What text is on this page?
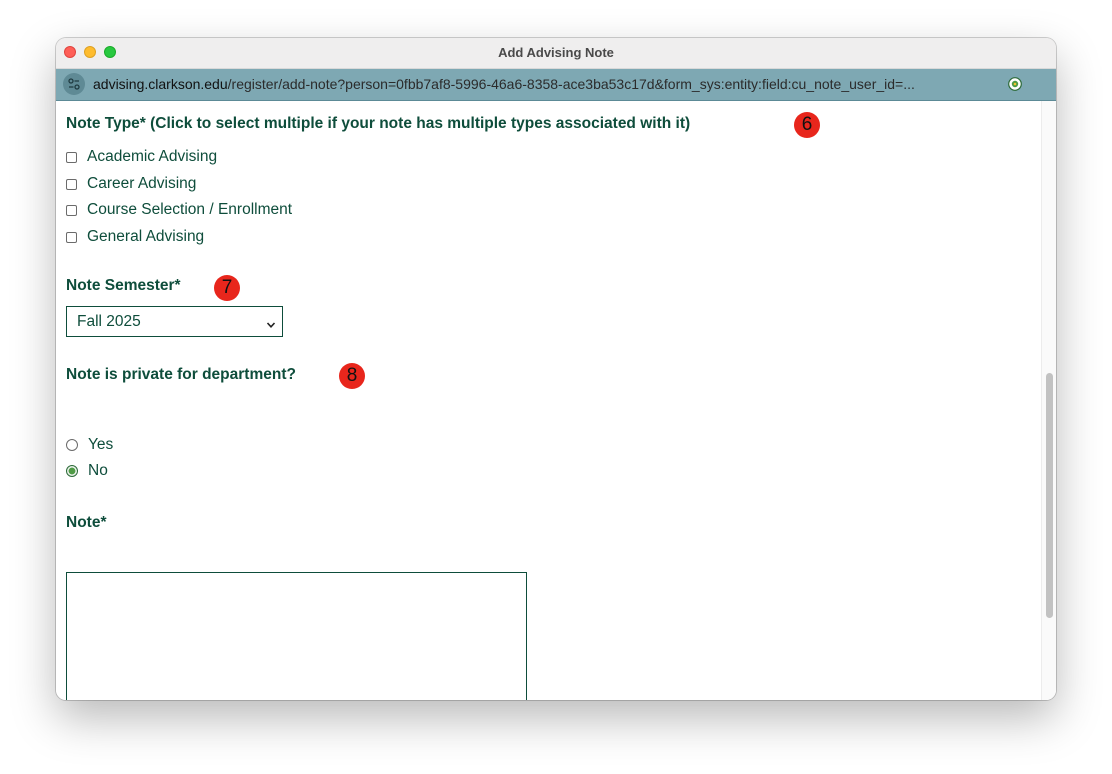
Add Advising Note
advising.clarkson.edu/register/add-note?person=0fbb7af8-5996-46a6-8358-ace3ba53c17d&form_sys:entity:field:cu_note_user_id=...
Note Type* (Click to select multiple if your note has multiple types associated with it)	6
Academic Advising
Career Advising
Course Selection / Enrollment
General Advising
Note Semester*	7
Fall 2025
Note is private for department?	8
Yes
No
Note*
